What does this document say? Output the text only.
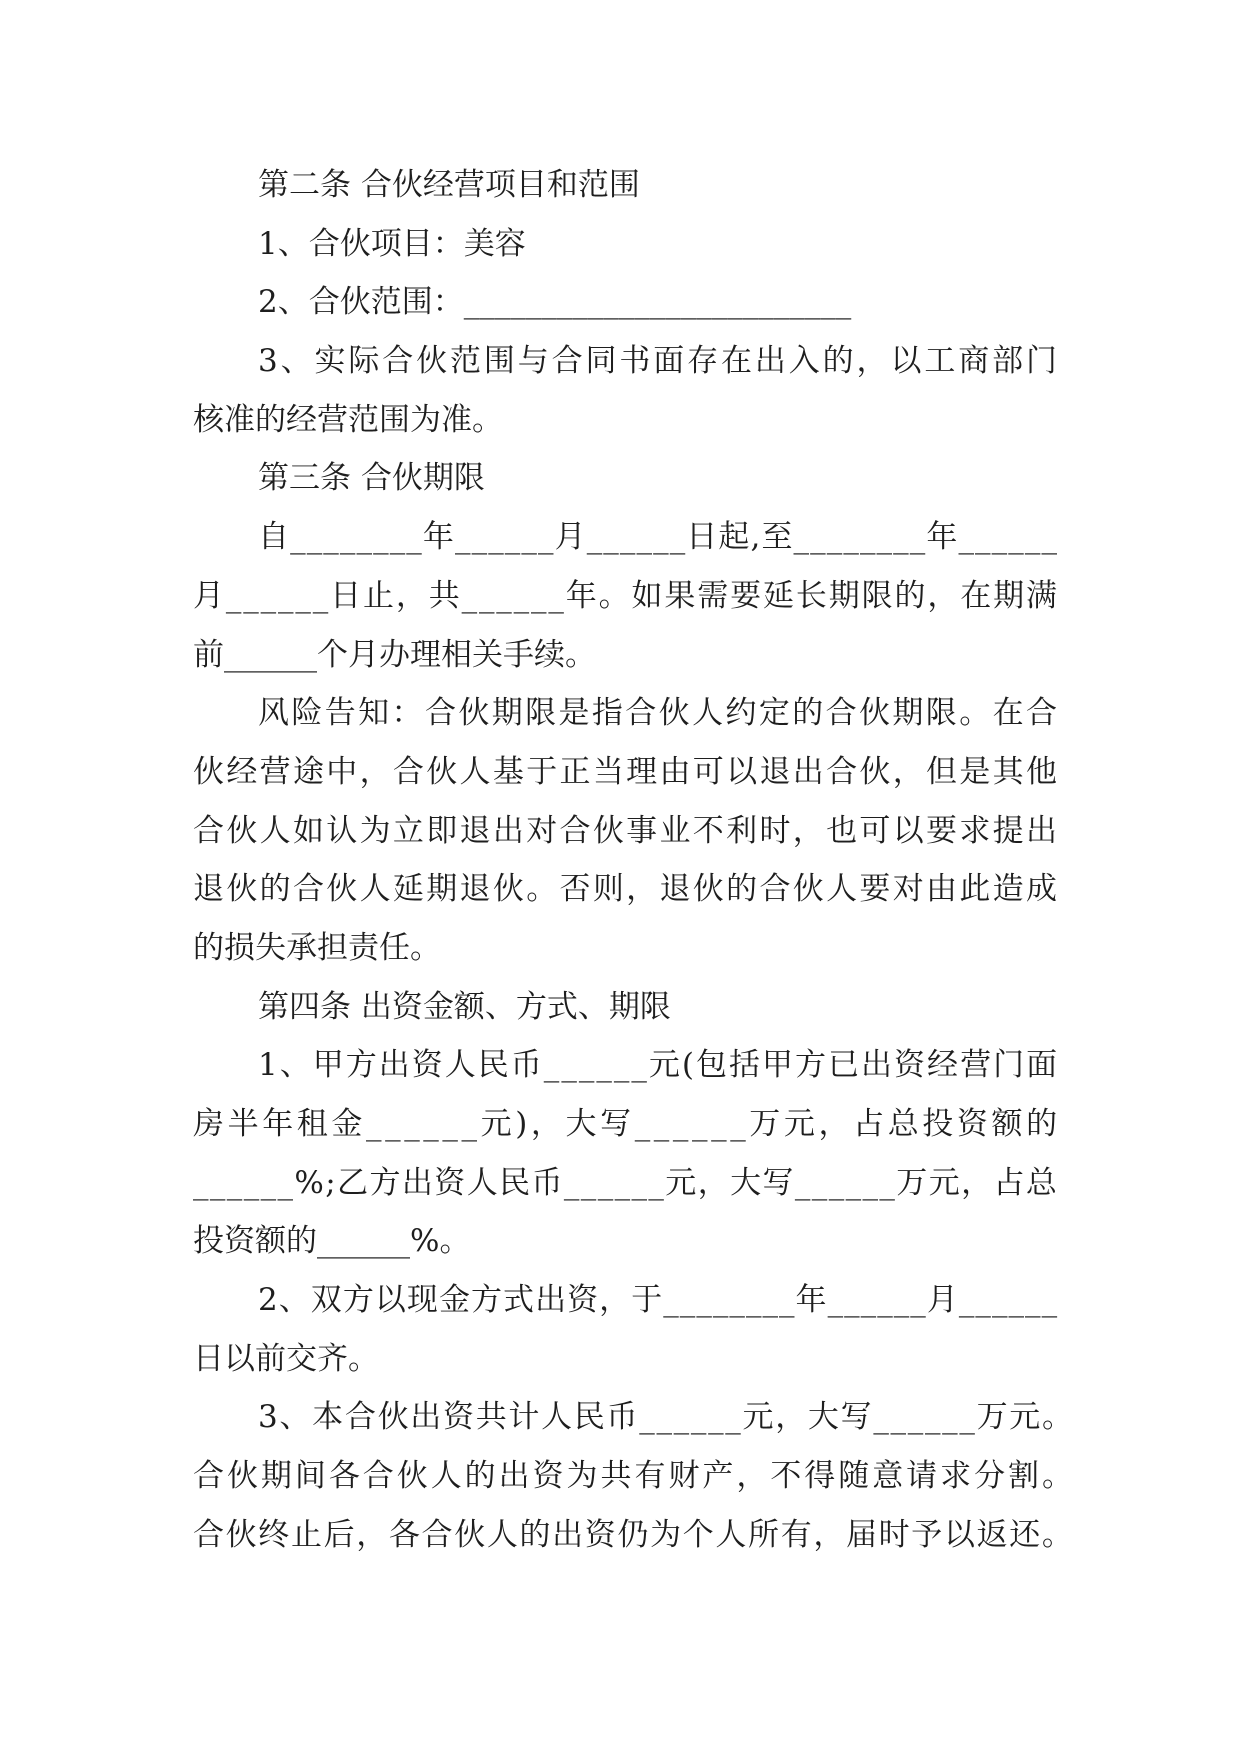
第二条 合伙经营项目和范围
1、合伙项目：美容
2、合伙范围：_________________________
3、实际合伙范围与合同书面存在出入的，以工商部门
核准的经营范围为准。
第三条 合伙期限
自________年______月______日起,至________年______
月______日止，共______年。如果需要延长期限的，在期满
前______个月办理相关手续。
风险告知：合伙期限是指合伙人约定的合伙期限。在合
伙经营途中，合伙人基于正当理由可以退出合伙，但是其他
合伙人如认为立即退出对合伙事业不利时，也可以要求提出
退伙的合伙人延期退伙。否则，退伙的合伙人要对由此造成
的损失承担责任。
第四条 出资金额、方式、期限
1、甲方出资人民币______元(包括甲方已出资经营门面
房半年租金______元)，大写______万元，占总投资额的
______%;乙方出资人民币______元，大写______万元，占总
投资额的______%。
2、双方以现金方式出资，于________年______月______
日以前交齐。
3、本合伙出资共计人民币______元，大写______万元。
合伙期间各合伙人的出资为共有财产，不得随意请求分割。
合伙终止后，各合伙人的出资仍为个人所有，届时予以返还。
